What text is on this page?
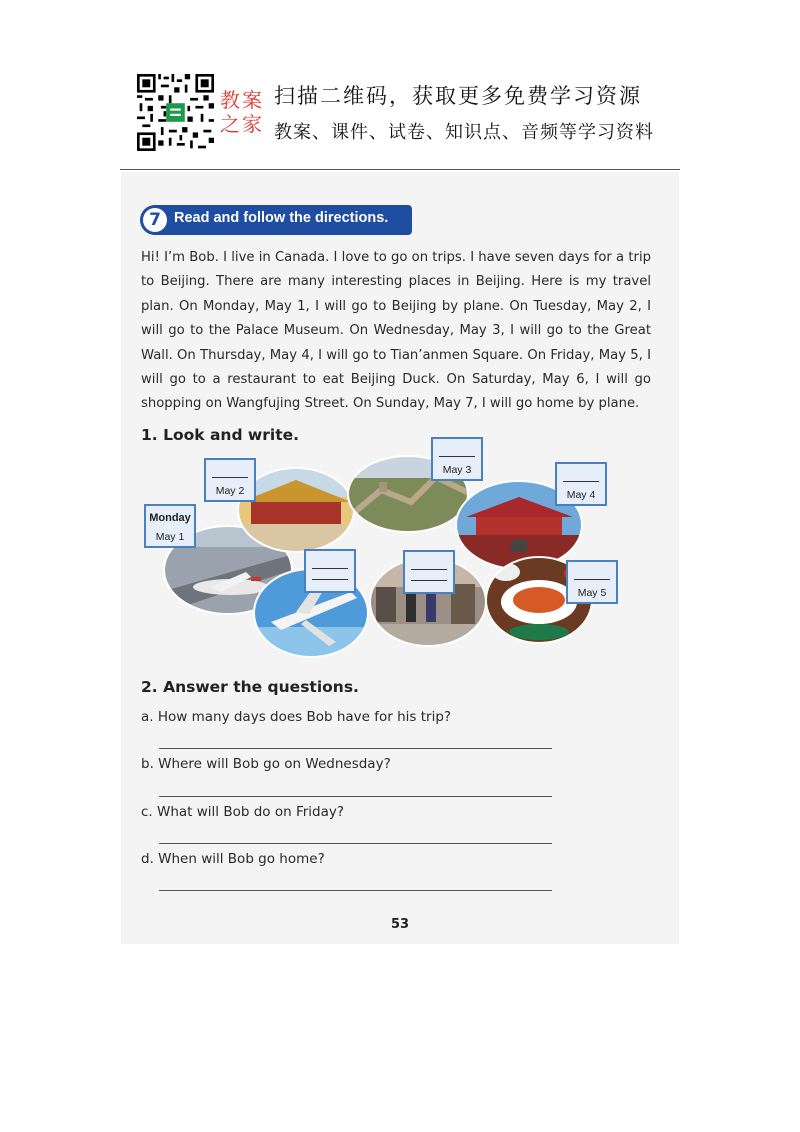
教案
之家
扫描二维码，获取更多免费学习资源
教案、课件、试卷、知识点、音频等学习资料
7 Read and follow the directions.

Hi! I’m Bob. I live in Canada. I love to go on trips. I have seven days for a trip to Beijing. There are many interesting places in Beijing. Here is my travel plan. On Monday, May 1, I will go to Beijing by plane. On Tuesday, May 2, I will go to the Palace Museum. On Wednesday, May 3, I will go to the Great Wall. On Thursday, May 4, I will go to Tian’anmen Square. On Friday, May 5, I will go to a restaurant to eat Beijing Duck. On Saturday, May 6, I will go shopping on Wangfujing Street. On Sunday, May 7, I will go home by plane.

1. Look and write.
Monday
May 1
May 2
May 3
May 4
May 5
2. Answer the questions.
a. How many days does Bob have for his trip?
b. Where will Bob go on Wednesday?
c. What will Bob do on Friday?
d. When will Bob go home?
53
